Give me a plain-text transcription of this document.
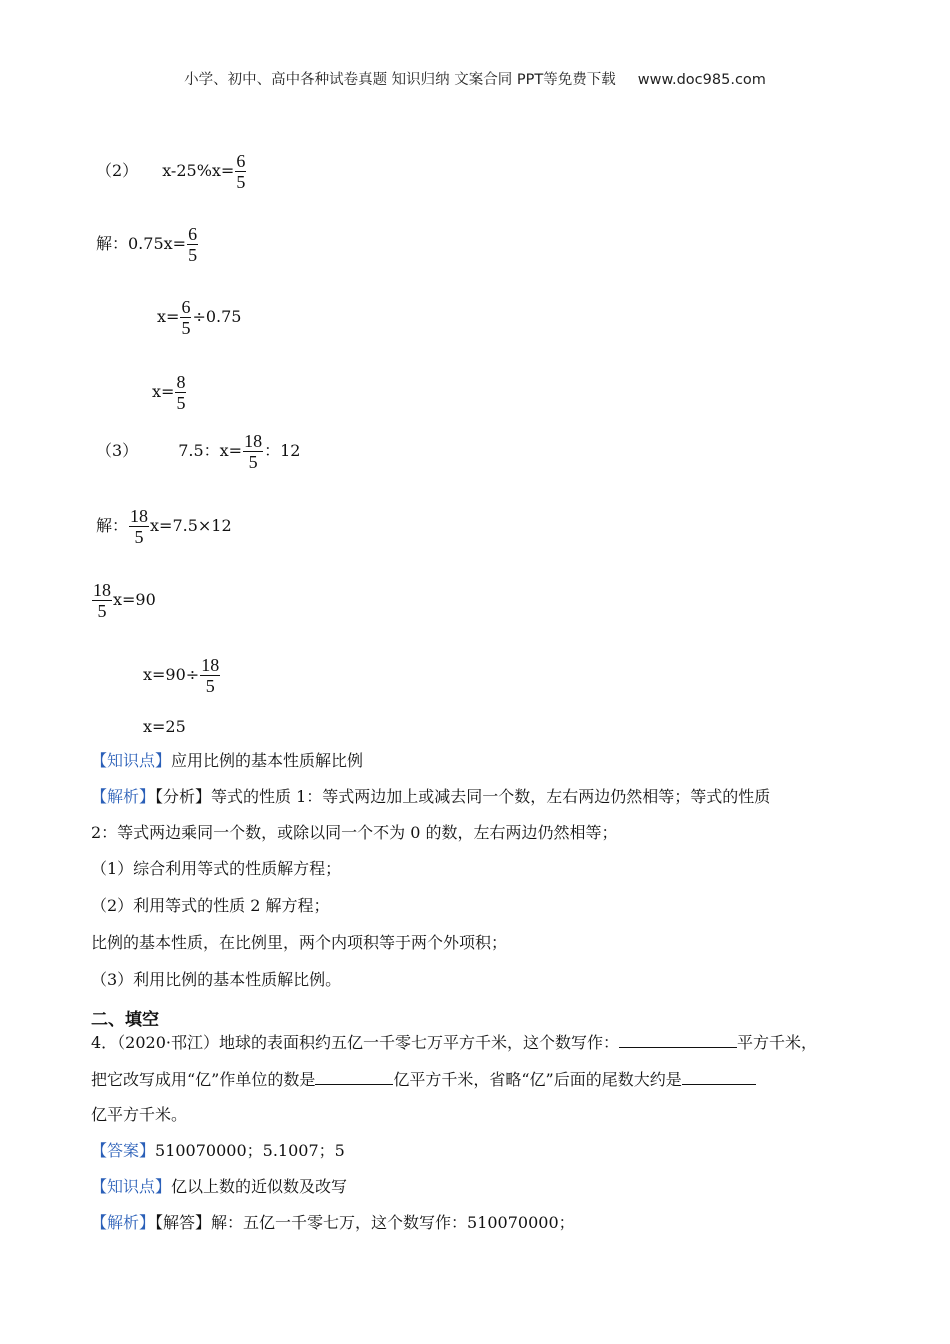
小学、初中、高中各种试卷真题 知识归纳 文案合同 PPT等免费下载 www.doc985.com
（2） $x-25\%x= \frac{6}{5}$
解：$0.75x= \frac{6}{5}$
$x= \frac{6}{5} \div 0.75$
$x= \frac{8}{5}$
（3）	7.5：$x= \frac{18}{5}$ ：12
解： $\frac{18}{5} x=7.5\times 12$
$\frac{18}{5} x=90$
$x=90\div \frac{18}{5}$
x=25
【知识点】应用比例的基本性质解比例
【解析】【分析】等式的性质 1：等式两边加上或减去同一个数，左右两边仍然相等；等式的性质
2：等式两边乘同一个数，或除以同一个不为 0 的数，左右两边仍然相等；
（1）综合利用等式的性质解方程；
（2）利用等式的性质 2 解方程；
比例的基本性质，在比例里，两个内项积等于两个外项积；
（3）利用比例的基本性质解比例。
二、填空
4．（2020·邗江）地球的表面积约五亿一千零七万平方千米，这个数写作：	平方千米，
把它改写成用“亿”作单位的数是	亿平方千米，省略“亿”后面的尾数大约是
亿平方千米。
【答案】510070000；5.1007；5
【知识点】亿以上数的近似数及改写
【解析】【解答】解：五亿一千零七万，这个数写作：510070000；
